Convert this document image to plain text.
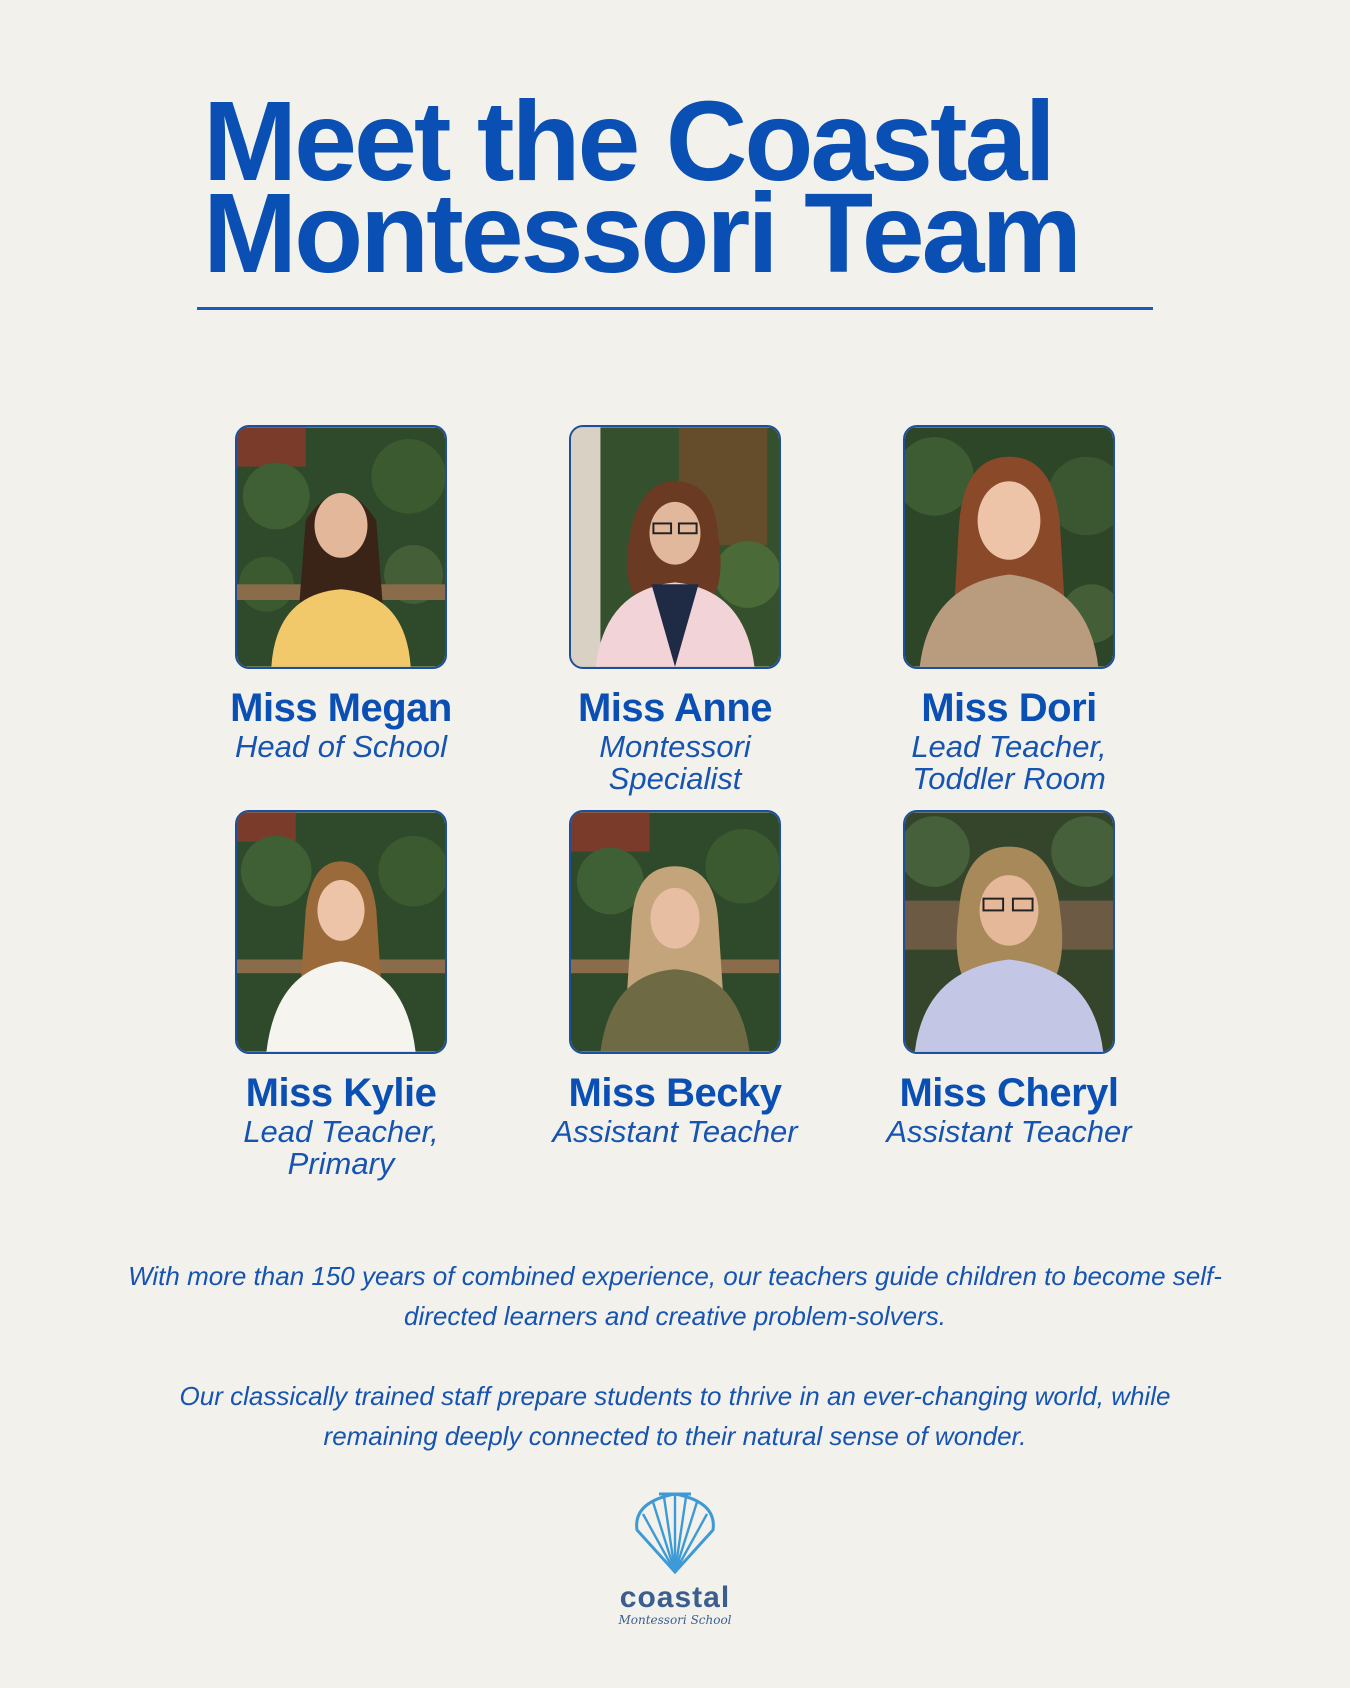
Meet the Coastal
Montessori Team
Miss Megan
Head of School
Miss Anne
Montessori Specialist
Miss Dori
Lead Teacher, Toddler Room
Miss Kylie
Lead Teacher, Primary
Miss Becky
Assistant Teacher
Miss Cheryl
Assistant Teacher

With more than 150 years of combined experience, our teachers guide children to become self-directed learners and creative problem-solvers.

Our classically trained staff prepare students to thrive in an ever-changing world, while remaining deeply connected to their natural sense of wonder.

coastal
Montessori School
